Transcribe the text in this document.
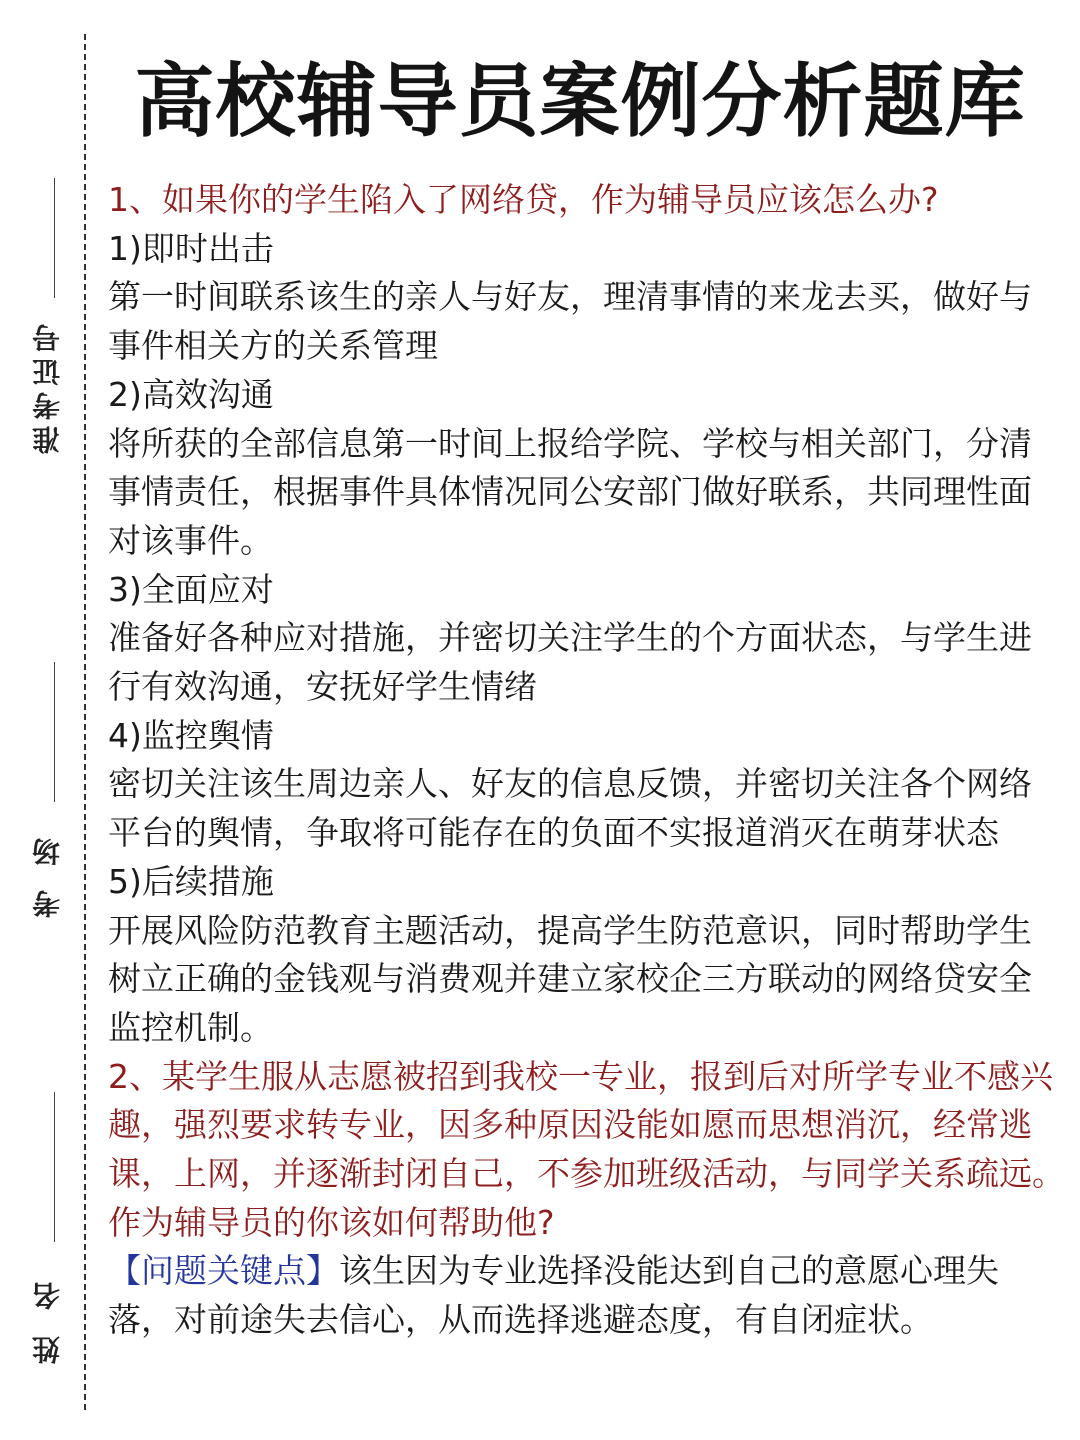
高校辅导员案例分析题库
准考证号
考场
姓名

1、如果你的学生陷入了网络贷，作为辅导员应该怎么办?

1)即时出击

第一时间联系该生的亲人与好友，理清事情的来龙去买，做好与事件相关方的关系管理

2)高效沟通

将所获的全部信息第一时间上报给学院、学校与相关部门，分清事情责任，根据事件具体情况同公安部门做好联系，共同理性面对该事件。

3)全面应对

准备好各种应对措施，并密切关注学生的个方面状态，与学生进行有效沟通，安抚好学生情绪

4)监控舆情

密切关注该生周边亲人、好友的信息反馈，并密切关注各个网络平台的舆情，争取将可能存在的负面不实报道消灭在萌芽状态

5)后续措施

开展风险防范教育主题活动，提高学生防范意识，同时帮助学生树立正确的金钱观与消费观并建立家校企三方联动的网络贷安全监控机制。

2、某学生服从志愿被招到我校一专业，报到后对所学专业不感兴趣，强烈要求转专业，因多种原因没能如愿而思想消沉，经常逃课，上网，并逐渐封闭自己，不参加班级活动，与同学关系疏远。作为辅导员的你该如何帮助他?

【问题关键点】该生因为专业选择没能达到自己的意愿心理失落，对前途失去信心，从而选择逃避态度，有自闭症状。
